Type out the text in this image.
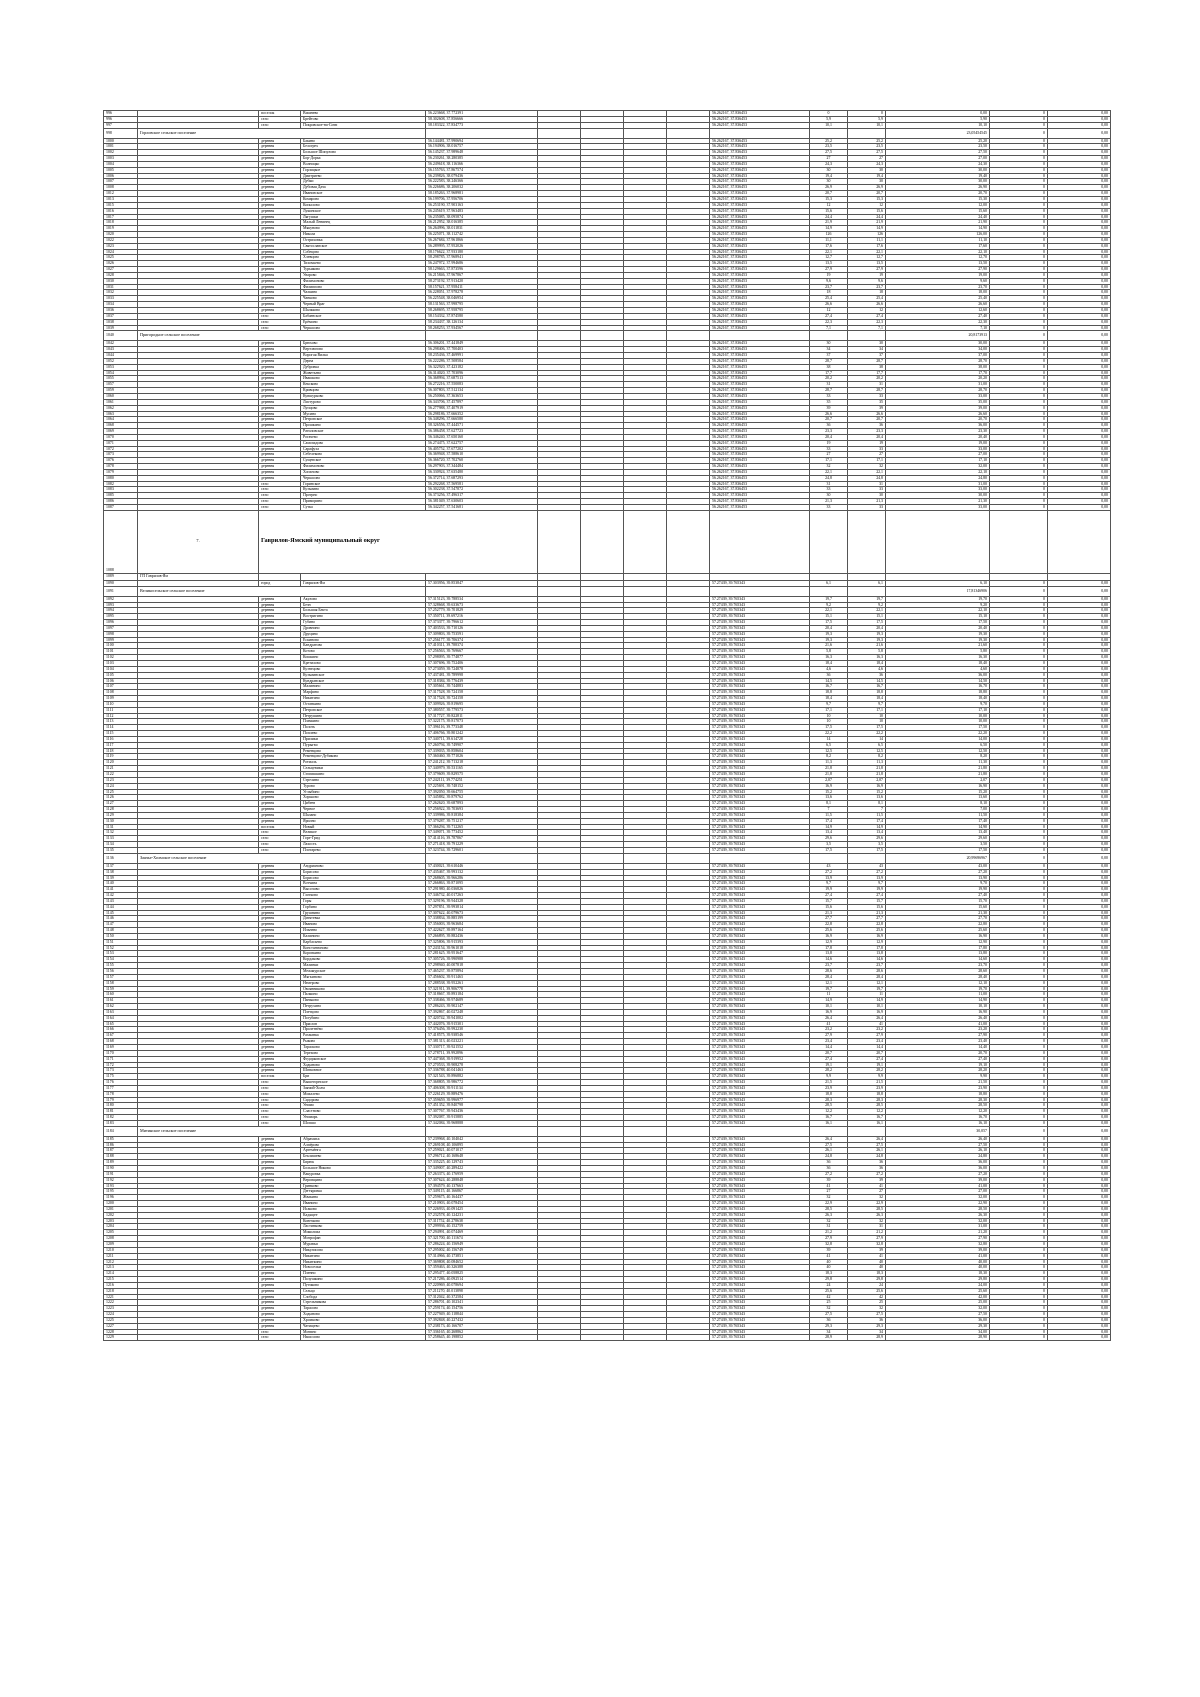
996		поселок	Вишнево	56.223668, 37.772391					56.262167, 37.836453	0	0	0,00	0	0,00
996		село	Брейтово	58.302608, 37.856666					56.262167, 37.836453	5,9	5,9	5,90	0	0,00
997		село	Покровское-на-Сити	58.183322, 37.834773					56.262167, 37.836453	10,1	10,1	10,10	0	0,00
998	Горловское сельское поселение											23,05454545	0	0,00
1000		деревня	Бакино	56.144481, 37.990694					56.262167, 37.836453	25,2	25,2	25,20	0	0,00
1001		деревня	Белогрех	56.194906, 38.016757					56.262167, 37.836453	23,5	23,5	23,50	0	0,00
1002		деревня	Большое Шипулово	56.145237, 37.989648					56.262167, 37.836453	27,5	27,5	27,50	0	0,00
1003		деревня	Бор-Дорка	56.230261, 38.280385					56.262167, 37.836453	27	27	27,00	0	0,00
1004		деревня	Волницко	56.249618, 38.116366					56.262167, 37.836453	24,3	24,3	24,30	0	0,00
1005		деревня	Горлицкое	56.155763, 37.867574					56.262167, 37.836453	30	30	30,00	0	0,00
1006		деревня	Дмитриево	56.239826, 38.079436					56.262167, 37.836453	19,4	19,4	19,40	0	0,00
1007		деревня	Дубки	56.222583, 38.246366					56.262167, 37.836453	30	30	30,00	0	0,00
1008		деревня	Дубовая Дача	56.226686, 38.206032					56.262167, 37.836453	26,9	26,9	26,90	0	0,00
1012		деревня	Ивановское	58.185263, 37.968981					56.262167, 37.836453	20,7	20,7	20,70	0	0,00
1013		деревня	Комарово	56.199706, 37.956706					56.262167, 37.836453	15,3	15,3	15,30	0	0,00
1015		деревня	Копылово	56.253190, 37.903163					56.262167, 37.836453	12	12	12,00	0	0,00
1016		деревня	Лукинское	56.245619, 37.963483					56.262167, 37.836453	15,6	15,6	15,60	0	0,00
1017		деревня	Лягушки	56.235085, 38.095874					56.262167, 37.836453	24,4	24,4	24,40	0	0,00
1018		деревня	Малый Ленинец	56.212952, 38.016385					56.262167, 37.836453	21,9	21,9	21,90	0	0,00
1019		деревня	Мякуново	56.264996, 38.011831					56.262167, 37.836453	14,9	14,9	14,90	0	0,00
1020		деревня	Никола	56.225071, 38.112742					56.262167, 37.836453	126	126	126,00	0	0,00
1022		деревня	Остриховка	56.267684, 37.961866					56.262167, 37.836453	11,1	11,1	11,10	0	0,00
1023		деревня	Святославское	56.289995, 37.952026					56.262167, 37.836453	17,6	17,6	17,60	0	0,00
1024		деревня	Собецово	58.176622, 37.933180					56.262167, 37.836453	22,1	22,1	22,10	0	0,00
1025		деревня	Хлевцово	58.298785, 37.968941					56.262167, 37.836453	12,7	12,7	12,70	0	0,00
1026		деревня	Тихомьево	56.247972, 37.994686					56.262167, 37.836453	13,5	13,5	13,50	0	0,00
1027		деревня	Турьяково	58.129663, 37.873596					56.262167, 37.836453	27,9	27,9	27,90	0	0,00
1028		деревня	Уварово	56.215846, 37.967867					56.262167, 37.836453	19	19	19,00	0	0,00
1030		деревня	Филимоново	58.273192, 37.913420					56.262167, 37.836453	9,6	9,6	9,60	0	0,00
1031		деревня	Филиппово	58.157621, 37.958411					56.262167, 37.836453	23,7	23,7	23,70	0	0,00
1032		деревня	Чалкино	56.228051, 37.978278					56.262167, 37.836453	18	18	18,00	0	0,00
1033		деревня	Чанково	56.225548, 38.046954					56.262167, 37.836453	25,4	25,4	25,40	0	0,00
1034		деревня	Черный Враг	58.131563, 37.998795					56.262167, 37.836453	26,6	26,6	26,60	0	0,00
1036		деревня	Шалкково	58.268695, 37.958795					56.262167, 37.836453	12	12	12,60	0	0,00
1037		село	Бабаевское	58.154332, 37.874580					56.262167, 37.836453	27,4	27,4	27,40	0	0,00
1038		село	Ерёмино	58.234437, 38.126134					56.262167, 37.836453	22,3	22,3	22,30	0	0,00
1039		село	Черкасово	58.268253, 37.934567					56.262167, 37.836453	7,1	7,1	7,10	0	0,00
1040	Пригородное сельское поселение											20,8173913	0	0,00
1042		деревня	Брюхово	56.306201, 37.441849					56.262167, 37.836453	30	30	30,00	0	0,00
1043		деревня	Вертлюгово	56.298406, 37.700403					56.262167, 37.836453	34	34	34,00	0	0,00
1044		деревня	Ворогая Вилка	58.235436, 37.469991					56.262167, 37.836453	37	37	37,00	0	0,00
1052		деревня	Дерна	56.222286, 37.508584					56.262167, 37.836453	28,7	28,7	28,70	0	0,00
1053		деревня	Дубровка	56.322920, 37.423182					56.262167, 37.836453	38	38	38,00	0	0,00
1054		деревня	Живетьево	56.314020, 37.703096					56.262167, 37.836453	17,7	17,7	17,70	0	0,00
1055		деревня	Ивашково	56.368994, 37.687513					56.262167, 37.836453	20,2	20,2	20,20	0	0,00
1057		деревня	Кексково	56.272216, 37.550083					56.262167, 37.836453	31	31	31,00	0	0,00
1059		деревня	Кривцово	56.307803, 37.512134					56.262167, 37.836453	28,7	28,7	28,70	0	0,00
1060		деревня	Кувшурково	56.250066, 37.363653					56.262167, 37.836453	33	33	33,00	0	0,00
1061		деревня	Листурово	56.343706, 37.457897					56.262167, 37.836453	35	35	35,00	0	0,00
1062		деревня	Лупцово	56.277988, 37.407919					56.262167, 37.836453	39	39	39,00	0	0,00
1063		деревня	Мусино	56.298186, 37.666352					56.262167, 37.836453	26,6	26,6	26,60	0	0,00
1064		деревня	Петровское	56.348296, 37.666580					56.262167, 37.836453	20,7	20,7	20,70	0	0,00
1068		деревня	Прошкино	58.326556, 37.444571					56.262167, 37.836453	36	36	36,00	0	0,00
1069		деревня	Ратиловское	56.386458, 37.627723					56.262167, 37.836453	23,3	23,3	23,30	0	0,00
1070		деревня	Рогачево	56.346240, 37.650160					56.262167, 37.836453	20,4	20,4	20,40	0	0,00
1071		деревня	Самопадово	56.274475, 37.622757					56.262167, 37.836453	19	19	19,00	0	0,00
1072		деревня	Сарафуха	56.405752, 37.677202					56.262167, 37.836453	33	33	33,00	0	0,00
1073		деревня	Себелеково	56.369948, 37.588610					56.262167, 37.836453	27	27	27,00	0	0,00
1076		деревня	Сущевское	56.366720, 37.702760					56.262167, 37.836453	17,1	17,1	17,10	0	0,00
1078		деревня	Филимоново	56.297903, 37.344484					56.262167, 37.836453	32	32	32,00	0	0,00
1079		деревня	Хопхново	56.330924, 37.635480					56.262167, 37.836453	22,1	22,1	22,10	0	0,00
1080		деревня	Черкасово	56.372714, 37.687293					56.262167, 37.836453	24,8	24,8	24,80	0	0,00
1082		село	Горинское	56.292268, 37.569581					56.262167, 37.836453	31	31	31,00	0	0,00
1083		село	Кузьмино	56.302238, 37.547872					56.262167, 37.836453	33	33	33,00	0	0,00
1085		село	Протрно	56.373256, 37.496317					56.262167, 37.836453	30	30	30,00	0	0,00
1086		село	Приморино	56.381049, 37.630603					56.262167, 37.836453	21,3	21,3	21,30	0	0,00
1087		село	Сутка	56.342257, 37.541681					56.262167, 37.836453	33	33	33,00	0	0,00
1088	7.	Гаврилов-Ямский муниципальный округ												
1089	ГП Гаврилов-Ям													
1090		город	Гаврилов-Ям	57.303956, 39.853847					57.27439, 39.765343	6,1	6,1	6,10	0	0,00
1091	Великосельское сельское поселение											17,81346906	0	0,00
1092		деревня	Акулово	57.315123, 39.788534					57.27439, 39.765343	19,7	19,7	19,70	0	0,00
1093		деревня	Безн	57.328668, 39.633673					57.27439, 39.765343	9,2	9,2	9,20	0	0,00
1094		деревня	Большая Бекта	57.252779, 39.701829					57.27439, 39.765343	22,1	22,1	22,10	0	0,00
1095		деревня	Востригино	57.350711, 39.697216					57.27439, 39.765343	15,1	15,1	15,10	0	0,00
1096		деревня	Губино	57.373377, 39.796612					57.27439, 39.765343	17,5	17,5	17,50	0	0,00
1097		деревня	Дровнино	57.403533, 39.710126					57.27439, 39.765343	20,4	20,4	20,40	0	0,00
1098		деревня	Друцино	57.309803, 39.753591					57.27439, 39.765343	19,3	19,3	19,30	0	0,00
1099		деревня	Ескиново	57.256177, 39.706374					57.27439, 39.765343	19,3	19,3	19,30	0	0,00
1100		деревня	Кандратово	57.410311, 39.788374					57.27439, 39.765343	21,6	21,6	21,60	0	0,00
1101		деревня	Котово	57.256563, 39.769667					57.27439, 39.765343	5,8	5,8	5,80	0	0,00
1102		деревня	Кошкино	57.298095, 39.774877					57.27439, 39.765343	16,3	16,3	16,30	0	0,00
1103		деревня	Кретилово	57.307696, 39.752406					57.27439, 39.765343	18,4	18,4	18,40	0	0,00
1104		деревня	Кузнецово	57.273059, 39.724878					57.27439, 39.765343	4,6	4,6	4,60	0	0,00
1105		деревня	Кузьминское	57.437481, 39.789998					57.27439, 39.765343	36	36	36,00	0	0,00
1106		деревня	Кундранское	57.318384, 39.776439					57.27439, 39.765343	14,5	14,5	14,50	0	0,00
1107		деревня	Малинино	57.305661, 39.744883					57.27439, 39.765343	16,7	16,7	16,70	0	0,00
1108		деревня	Марфино	57.317528, 39.724158					57.27439, 39.765343	18,8	18,8	18,80	0	0,00
1109		деревня	Никитино	57.317528, 39.724158					57.27439, 39.765343	18,4	18,4	18,40	0	0,00
1110		деревня	Останкино	57.309926, 39.819695					57.27439, 39.765343	9,7	9,7	9,70	0	0,00
1111		деревня	Петровское	57.380557, 39.779573					57.27439, 39.765343	17,1	17,1	17,10	0	0,00
1112		деревня	Петрушино	57.317727, 39.822811					57.27439, 39.765343	10	10	10,00	0	0,00
1113		деревня	Плачкино	57.322175, 39.817073					57.27439, 39.765343	10	10	10,00	0	0,00
1114		деревня	Полоть	57.396116, 39.773348					57.27439, 39.765343	17,5	17,5	17,50	0	0,00
1115		деревня	Поплево	57.406766, 39.801242					57.27439, 39.765343	22,2	22,2	22,20	0	0,00
1116		деревня	Прилики	57.340711, 39.614728					57.27439, 39.765343	14	14	14,00	0	0,00
1117		деревня	Пурыгво	57.260794, 39.749907					57.27439, 39.765343	6,5	6,5	6,50	0	0,00
1118		деревня	Ременцово	57.339035, 39.858604					57.27439, 39.765343	12,5	12,5	12,50	0	0,00
1119		деревня	Ременцово-Дубиково	57.360460, 39.771026					57.27439, 39.765343	8,2	8,2	8,20	0	0,00
1120		деревня	Ротмаль	57.241212, 39.713218					57.27439, 39.765343	11,3	11,3	11,30	0	0,00
1121		деревня	Сельцевики	57.340979, 39.531165					57.27439, 39.765343	21,8	21,8	21,80	0	0,00
1122		деревня	Стопишкино	57.379609, 39.829575					57.27439, 39.765343	21,8	21,8	21,80	0	0,00
1123		деревня	Стрелино	57.242111, 39.774251					57.27439, 39.765343	2,07	2,07	2,07	0	0,00
1124		деревня	Турово	57.225691, 39.748152					57.27439, 39.765343	16,9	16,9	16,90	0	0,00
1125		деревня	Углыбино	57.392050, 39.664755					57.27439, 39.765343	15,2	15,2	15,20	0	0,00
1126		деревня	Хорьково	57.345882, 39.879762					57.27439, 39.765343	13,6	13,6	13,60	0	0,00
1127		деревня	Цибеев	57.262620, 39.687893					57.27439, 39.765343	8,1	8,1	8,10	0	0,00
1128		деревня	Черное	57.256922, 39.703693					57.27439, 39.765343	7	7	7,00	0	0,00
1129		деревня	Шалано	57.339986, 39.818384					57.27439, 39.765343	11,5	11,5	11,50	0	0,00
1130		деревня	Ярилно	57.379287, 39.751217					57.27439, 39.765343	17,4	17,4	17,40	0	0,00
1131		поселок	Новый	57.366294, 39.712265					57.27439, 39.765343	14,9	14,9	14,90	0	0,00
1132		село	Великое	57.349071, 39.773452					57.27439, 39.765343	13,4	13,4	13,40	0	0,00
1133		село	Горе-Грид	57.414116, 39.787867					57.27439, 39.765343	29,6	29,6	29,60	0	0,00
1134		село	Лахость	57.271418, 39.791229					57.27439, 39.765343	3,5	3,5	3,50	0	0,00
1135		село	Плотарево	57.323744, 39.729601					57.27439, 39.765343	17,5	17,5	17,50	0	0,00
1136	Заячье-Холмское сельское поселение											20,99696967	0	0,00
1137		деревня	Андрианово	57.430021, 39.610446					57.27439, 39.765343	43	43	43,00	0	0,00
1138		деревня	Борисово	57.435467, 39.993132					57.27439, 39.765343	27,2	27,2	27,20	0	0,00
1139		деревня	Борисово	57.268605, 39.966286					57.27439, 39.765343	13,9	13,9	13,90	0	0,00
1140		деревня	Вотчина	57.266863, 39.871095					57.27439, 39.765343	9,7	9,7	9,70	0	0,00
1141		деревня	Высочово	57.291980, 40.036826					57.27439, 39.765343	19,9	19,9	19,90	0	0,00
1142		деревня	Глотково	57.346732, 40.017263					57.27439, 39.765343	27,4	27,4	27,40	0	0,00
1143		деревня	Горы	57.329196, 39.944328					57.27439, 39.765343	15,7	15,7	15,70	0	0,00
1144		деревня	Горбино	57.297851, 39.993814					57.27439, 39.765343	15,6	15,6	15,60	0	0,00
1145		деревня	Грушнино	57.307622, 40.079673					57.27439, 39.765343	21,3	21,3	21,30	0	0,00
1146		деревня	Дитятевка	57.338834, 39.885199					57.27439, 39.765343	27,7	27,7	27,70	0	0,00
1147		деревня	Иваново	57.356003, 39.963684					57.27439, 39.765343	22,8	22,8	22,80	0	0,00
1148		деревня	Ильнево	57.422627, 39.897164					57.27439, 39.765343	25,6	25,6	25,60	0	0,00
1150		деревня	Калинино	57.266895, 39.882436					57.27439, 39.765343	16,9	16,9	16,90	0	0,00
1151		деревня	Карбасьево	57.325806, 39.915393					57.27439, 39.765343	12,9	12,9	12,90	0	0,00
1152		деревня	Константиново	57.243154, 39.961018					57.27439, 39.765343	17,8	17,8	17,80	0	0,00
1153		деревня	Коровкино	57.281625, 39.951647					57.27439, 39.765343	13,8	13,8	13,80	0	0,00
1154		деревня	Кордаково	57.305726, 39.990988					57.27439, 39.765343	14,6	14,6	14,60	0	0,00
1155		деревня	Малинки	57.298940, 40.007818					57.27439, 39.765343	23,7	23,7	23,70	0	0,00
1156		деревня	Межакурское	57.465237, 39.875894					57.27439, 39.765343	28,6	28,6	28,60	0	0,00
1157		деревня	Мягкиново	57.456602, 39.911463					57.27439, 39.765343	28,4	28,4	28,40	0	0,00
1158		деревня	Немерово	57.288538, 39.952261					57.27439, 39.765343	12,1	12,1	12,10	0	0,00
1159		деревня	Овсянниково	57.321911, 39.906778					57.27439, 39.765343	19,7	19,7	19,70	0	0,00
1160		деревня	Палкино	57.318667, 39.893184					57.27439, 39.765343	11	11	11,00	0	0,00
1161		деревня	Паньково	57.338466, 39.974689					57.27439, 39.765343	14,9	14,9	14,90	0	0,00
1162		деревня	Петрухино	57.286243, 39.902147					57.27439, 39.765343	10,1	10,1	10,10	0	0,00
1163		деревня	Плетцово	57.392867, 40.027248					57.27439, 39.765343	16,9	16,9	16,90	0	0,00
1164		деревня	Погубино	57.420742, 39.941002					57.27439, 39.765343	26,4	26,4	26,40	0	0,00
1165		деревня	Пряслов	57.442076, 39.915301					57.27439, 39.765343	41	41	41,00	0	0,00
1166		деревня	Пролетнёво	57.376456, 39.992230					57.27439, 39.765343	23,2	23,2	23,20	0	0,00
1167		деревня	Рахманка	57.418575, 39.938546					57.27439, 39.765343	27,9	27,9	27,90	0	0,00
1168		деревня	Рыково	57.381313, 40.023221					57.27439, 39.765343	23,4	23,4	23,40	0	0,00
1169		деревня	Тарасково	57.330717, 39.921552					57.27439, 39.765343	14,4	14,4	14,40	0	0,00
1170		деревня	Терехово	57.278711, 39.992896					57.27439, 39.765343	20,7	20,7	20,70	0	0,00
1171		деревня	Федорковское	57.447368, 39.919952					57.27439, 39.765343	27,4	27,4	27,40	0	0,00
1172		деревня	Ходыново	57.270533, 39.908278					57.27439, 39.765343	19,1	19,1	19,10	0	0,00
1173		деревня	Шатковное	57.336788, 40.041463					57.27439, 39.765343	28,2	28,2	28,20	0	0,00
1175		поселок	Бри	57.321543, 39.896882					57.27439, 39.765343	9,9	9,9	9,90	0	0,00
1176		село	Вышегорнское	57.368805, 39.986772					57.27439, 39.765343	21,5	21,5	21,50	0	0,00
1177		село	Заячий-Холм	57.406308, 39.911134					57.27439, 39.765343	23,9	23,9	23,90	0	0,00
1178		село	Михалево	57.226129, 39.889476					57.27439, 39.765343	18,8	18,8	18,80	0	0,00
1179		село	Сидорово	57.359659, 39.996977					57.27439, 39.765343	28,3	28,3	28,30	0	0,00
1180		село	Унимо	57.451352, 39.840798					57.27439, 39.765343	28,5	28,5	28,50	0	0,00
1181		село	Сластново	57.307767, 39.943436					57.27439, 39.765343	12,2	12,2	12,20	0	0,00
1182		село	Унимарь	57.392087, 39.915885					57.27439, 39.765343	16,7	16,7	16,70	0	0,00
1183		село	Шопшо	57.342084, 39.968888					57.27439, 39.765343	16,1	16,1	16,10	0	0,00
1184	Митинское сельское поселение											30,057	0	0,00
1185		деревня	Абрамиха	57.239968, 40.104042					57.27439, 39.765343	26,4	26,4	26,40	0	0,00
1186		деревня	Алпёрово	57.269108, 40.106895					57.27439, 39.765343	27,5	27,5	27,50	0	0,00
1187		деревня	Артемёнга	57.259021, 40.071017					57.27439, 39.765343	26,1	26,1	26,10	0	0,00
1188		деревня	Беклишево	57.296712, 40.168648					57.27439, 39.765343	24,8	24,8	24,80	0	0,00
1189		деревня	Бирюк	57.335225, 40.129743					57.27439, 39.765343	36	36	36,00	0	0,00
1190		деревня	Большое Никово	57.349007, 40.289422					57.27439, 39.765343	36	36	36,00	0	0,00
1191		деревня	Вакуровка	57.263373, 40.176959					57.27439, 39.765343	27,2	27,2	27,20	0	0,00
1192		деревня	Веровщино	57.307624, 40.288848					57.27439, 39.765343	39	39	39,00	0	0,00
1193		деревня	Гринково	57.394579, 40.137663					57.27439, 39.765343	41	41	41,00	0	0,00
1195		деревня	Дегтяровка	57.349115, 40.166867					57.27439, 39.765343	27	27	27,00	0	0,00
1196		деревня	Жвакина	57.259675, 40.164437					57.27439, 39.765343	32	32	32,00	0	0,00
1200		деревня	Иванино	57.210903, 40.078454					57.27439, 39.765343	22,9	22,9	22,90	0	0,00
1201		деревня	Исаково	57.226933, 40.091425					57.27439, 39.765343	28,5	28,5	28,50	0	0,00
1202		деревня	Кадящее	57.232578, 40.124231					57.27439, 39.765343	26,3	26,3	26,30	0	0,00
1203		деревня	Ковезково	57.311752, 40.278638					57.27439, 39.765343	32	32	32,00	0	0,00
1204		деревня	Ластинково	57.299936, 40.152759					57.27439, 39.765343	31	31	31,00	0	0,00
1205		деревня	Микилиха	57.294991, 40.074469					57.27439, 39.765343	21,2	21,2	21,20	0	0,00
1208		деревня	Митрофан	57.321700, 40.111674					57.27439, 39.765343	27,9	27,9	27,90	0	0,00
1209		деревня	Муравьи	57.286224, 40.156949					57.27439, 39.765343	32,8	32,8	32,80	0	0,00
1210		деревня	Никулисово	57.295002, 40.156749					57.27439, 39.765343	39	39	39,00	0	0,00
1211		деревня	Никитино	57.314966, 40.173851					57.27439, 39.765343	41	41	41,00	0	0,00
1212		деревня	Никиткино	57.369808, 40.084652					57.27439, 39.765343	40	40	40,00	0	0,00
1213		деревня	Новоселки	57.359463, 40.326388					57.27439, 39.765343	40	40	40,00	0	0,00
1214		деревня	Пленно	57.295477, 40.058825					57.27439, 39.765343	18,3	18,3	18,30	0	0,00
1215		деревня	Полушкино	57.217286, 40.092514					57.27439, 39.765343	29,8	29,8	29,80	0	0,00
1216		деревня	Путиково	57.220969, 40.078694					57.27439, 39.765343	24	24	24,00	0	0,00
1218		деревня	Сельцо	57.211270, 40.013898					57.27439, 39.765343	25,6	25,6	25,60	0	0,00
1221		деревня	Слобода	57.312042, 40.372584					57.27439, 39.765343	42	42	42,00	0	0,00
1222		деревня	Стрельникова	57.286701, 40.102341					57.27439, 39.765343	25	25	25,00	0	0,00
1223		деревня	Тарасово	57.259174, 40.154756					57.27439, 39.765343	32	32	32,00	0	0,00
1224		деревня	Ходыново	57.227949, 40.118844					57.27439, 39.765343	27,5	27,5	27,50	0	0,00
1225		деревня	Хромково	57.392848, 40.227432					57.27439, 39.765343	36	36	36,00	0	0,00
1227		деревня	Чатищево	57.238173, 40.166707					57.27439, 39.765343	29,3	29,3	29,30	0	0,00
1228		село	Митино	57.336165, 40.268862					57.27439, 39.765343	34	34	34,00	0	0,00
1229		село	Нашосово	57.258645, 40.198852					57.27439, 39.765343	28,9	28,9	28,90	0	0,00
